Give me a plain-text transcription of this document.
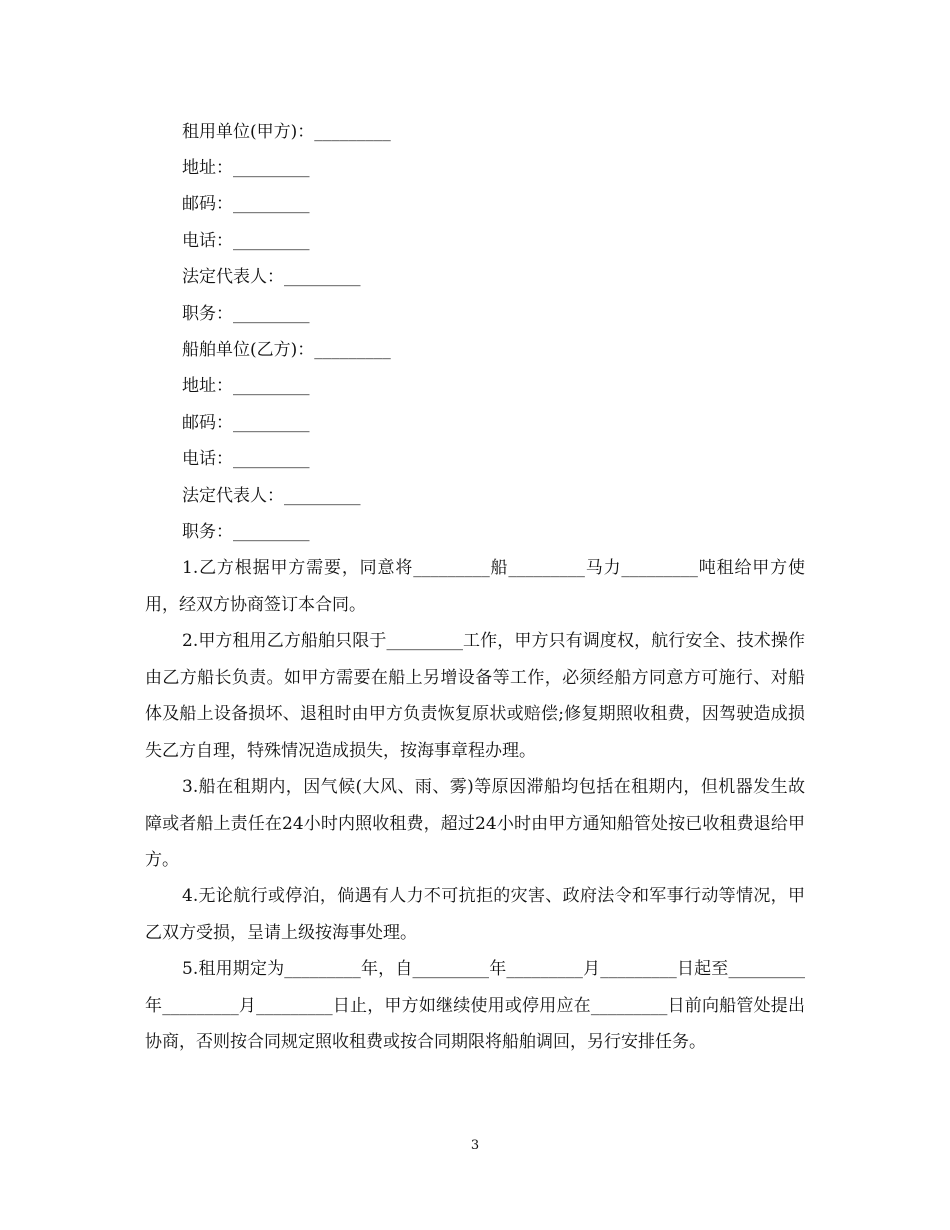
租用单位(甲方)：_________
地址：_________
邮码：_________
电话：_________
法定代表人：_________
职务：_________
船舶单位(乙方)：_________
地址：_________
邮码：_________
电话：_________
法定代表人：_________
职务：_________

1.乙方根据甲方需要，同意将_________船_________马力_________吨租给甲方使用，经双方协商签订本合同。

2.甲方租用乙方船舶只限于_________工作，甲方只有调度权，航行安全、技术操作由乙方船长负责。如甲方需要在船上另增设备等工作，必须经船方同意方可施行、对船体及船上设备损坏、退租时由甲方负责恢复原状或赔偿;修复期照收租费，因驾驶造成损失乙方自理，特殊情况造成损失，按海事章程办理。

3.船在租期内，因气候(大风、雨、雾)等原因滞船均包括在租期内，但机器发生故障或者船上责任在24小时内照收租费，超过24小时由甲方通知船管处按已收租费退给甲方。

4.无论航行或停泊，倘遇有人力不可抗拒的灾害、政府法令和军事行动等情况，甲乙双方受损，呈请上级按海事处理。

5.租用期定为_________年，自_________年_________月_________日起至_________年_________月_________日止，甲方如继续使用或停用应在_________日前向船管处提出协商，否则按合同规定照收租费或按合同期限将船舶调回，另行安排任务。

3
